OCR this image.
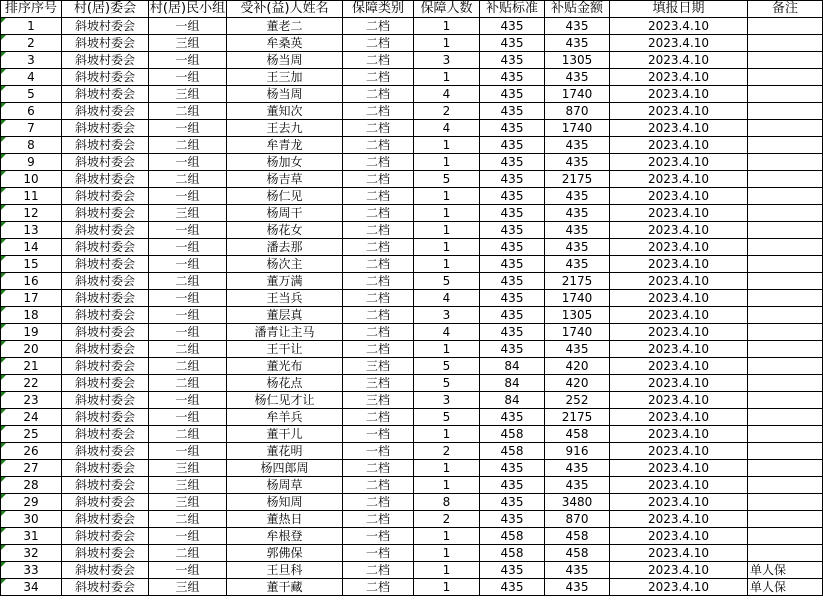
排序序号	村(居)委会	村(居)民小组	受补(益)人姓名	保障类别	保障人数	补贴标准	补贴金额	填报日期	备注
1	斜坡村委会	一组	董老二	二档	1	435	435	2023.4.10	
2	斜坡村委会	三组	牟桑英	二档	1	435	435	2023.4.10	
3	斜坡村委会	一组	杨当周	二档	3	435	1305	2023.4.10	
4	斜坡村委会	一组	王三加	二档	1	435	435	2023.4.10	
5	斜坡村委会	三组	杨当周	二档	4	435	1740	2023.4.10	
6	斜坡村委会	二组	董知次	二档	2	435	870	2023.4.10	
7	斜坡村委会	一组	王去九	二档	4	435	1740	2023.4.10	
8	斜坡村委会	二组	牟青龙	二档	1	435	435	2023.4.10	
9	斜坡村委会	一组	杨加女	二档	1	435	435	2023.4.10	
10	斜坡村委会	二组	杨吉草	二档	5	435	2175	2023.4.10	
11	斜坡村委会	一组	杨仁见	二档	1	435	435	2023.4.10	
12	斜坡村委会	三组	杨周干	二档	1	435	435	2023.4.10	
13	斜坡村委会	一组	杨花女	二档	1	435	435	2023.4.10	
14	斜坡村委会	一组	潘去那	二档	1	435	435	2023.4.10	
15	斜坡村委会	一组	杨次主	二档	1	435	435	2023.4.10	
16	斜坡村委会	二组	董万满	二档	5	435	2175	2023.4.10	
17	斜坡村委会	一组	王当兵	二档	4	435	1740	2023.4.10	
18	斜坡村委会	一组	董层真	二档	3	435	1305	2023.4.10	
19	斜坡村委会	一组	潘青让主马	二档	4	435	1740	2023.4.10	
20	斜坡村委会	二组	王干让	二档	1	435	435	2023.4.10	
21	斜坡村委会	二组	董光布	三档	5	84	420	2023.4.10	
22	斜坡村委会	二组	杨花点	三档	5	84	420	2023.4.10	
23	斜坡村委会	一组	杨仁见才让	三档	3	84	252	2023.4.10	
24	斜坡村委会	一组	牟羊兵	二档	5	435	2175	2023.4.10	
25	斜坡村委会	二组	董干儿	一档	1	458	458	2023.4.10	
26	斜坡村委会	一组	董花明	一档	2	458	916	2023.4.10	
27	斜坡村委会	三组	杨四郎周	二档	1	435	435	2023.4.10	
28	斜坡村委会	三组	杨周草	二档	1	435	435	2023.4.10	
29	斜坡村委会	三组	杨知周	二档	8	435	3480	2023.4.10	
30	斜坡村委会	二组	董热日	二档	2	435	870	2023.4.10	
31	斜坡村委会	一组	牟根登	一档	1	458	458	2023.4.10	
32	斜坡村委会	二组	郭佛保	一档	1	458	458	2023.4.10	
33	斜坡村委会	一组	王旦科	二档	1	435	435	2023.4.10	单人保
34	斜坡村委会	三组	董干藏	二档	1	435	435	2023.4.10	单人保
